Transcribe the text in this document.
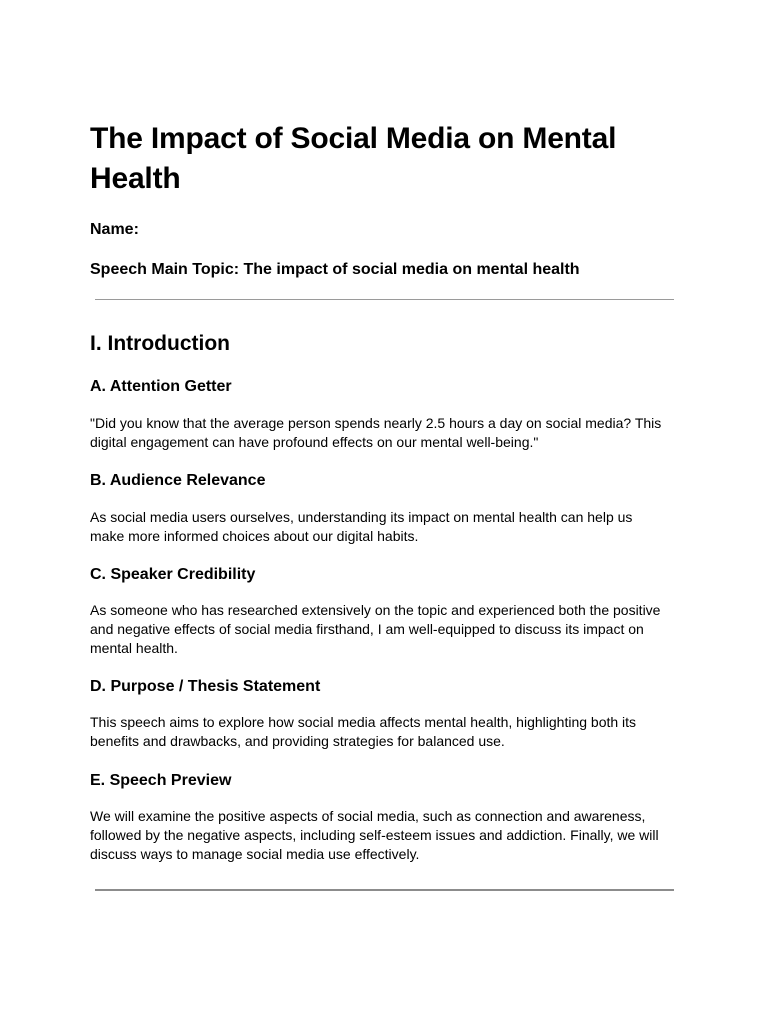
The Impact of Social Media on Mental Health

Name:

Speech Main Topic: The impact of social media on mental health

I. Introduction
A. Attention Getter

"Did you know that the average person spends nearly 2.5 hours a day on social media? This digital engagement can have profound effects on our mental well-being."

B. Audience Relevance

As social media users ourselves, understanding its impact on mental health can help us make more informed choices about our digital habits.

C. Speaker Credibility

As someone who has researched extensively on the topic and experienced both the positive and negative effects of social media firsthand, I am well-equipped to discuss its impact on mental health.

D. Purpose / Thesis Statement

This speech aims to explore how social media affects mental health, highlighting both its benefits and drawbacks, and providing strategies for balanced use.

E. Speech Preview

We will examine the positive aspects of social media, such as connection and awareness, followed by the negative aspects, including self-esteem issues and addiction. Finally, we will discuss ways to manage social media use effectively.
